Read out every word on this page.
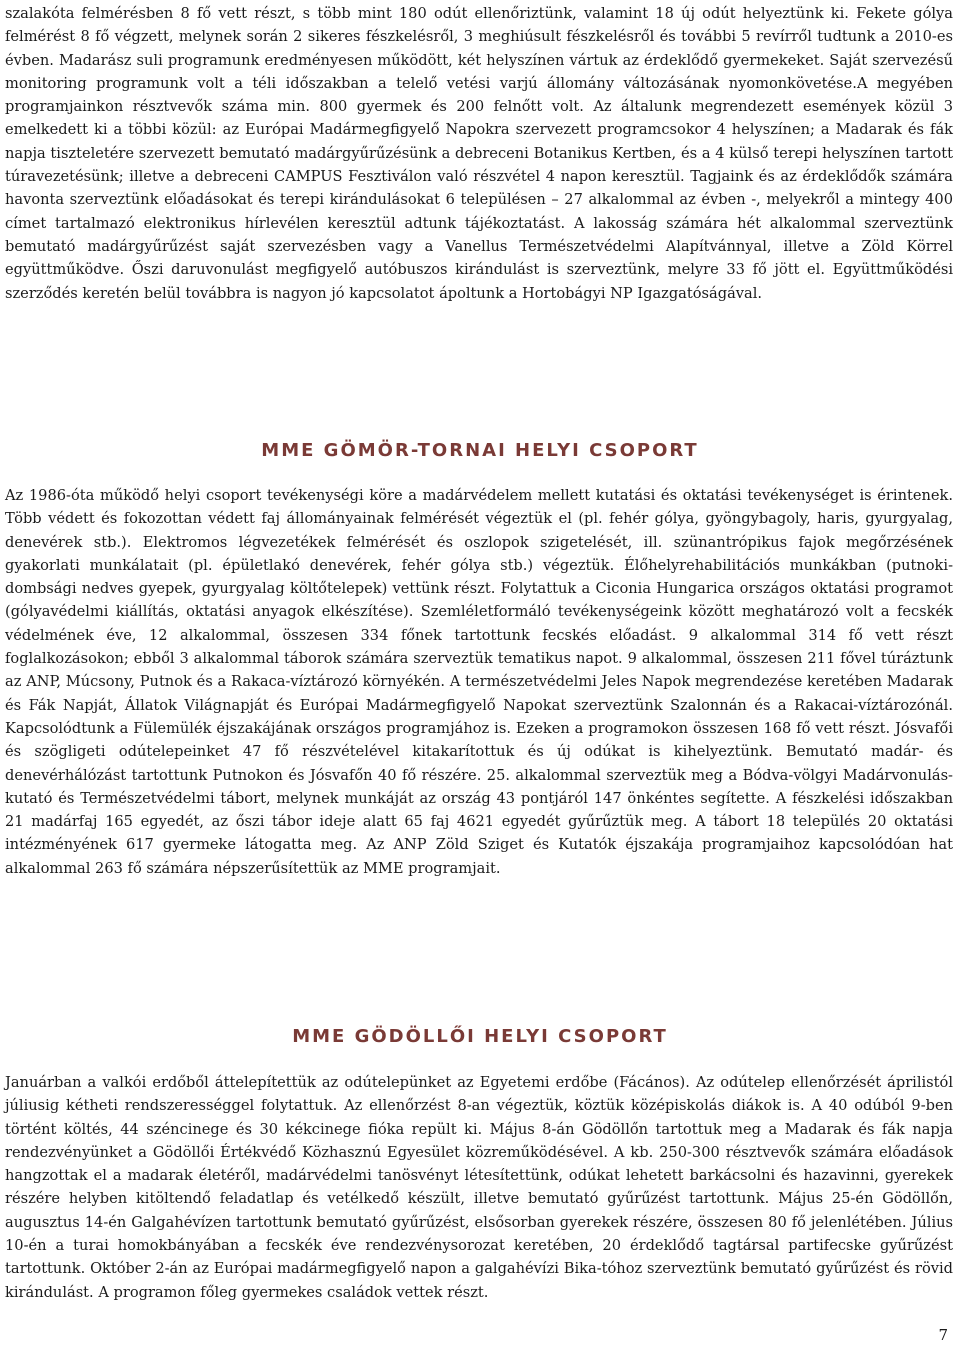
szalakóta felmérésben 8 fő vett részt, s több mint 180 odút ellenőriztünk, valamint 18 új odút helyeztünk ki. Fekete gólya felmérést 8 fő végzett, melynek során 2 sikeres fészkelésről, 3 meghiúsult fészkelésről és további 5 revírről tudtunk a 2010-es évben. Madarász suli programunk eredményesen működött, két helyszínen vártuk az érdeklődő gyermekeket. Saját szervezésű monitoring programunk volt a téli időszakban a telelő vetési varjú állomány változásának nyomonkövetése.A megyében programjainkon résztvevők száma min. 800 gyermek és 200 felnőtt volt. Az általunk megrendezett események közül 3 emelkedett ki a többi közül: az Európai Madármegfigyelő Napokra szervezett programcsokor 4 helyszínen; a Madarak és fák napja tiszteletére szervezett bemutató madárgyűrűzésünk a debreceni Botanikus Kertben, és a 4 külső terepi helyszínen tartott túravezetésünk; illetve a debreceni CAMPUS Fesztiválon való részvétel 4 napon keresztül. Tagjaink és az érdeklődők számára havonta szerveztünk előadásokat és terepi kirándulásokat 6 településen – 27 alkalommal az évben -, melyekről a mintegy 400 címet tartalmazó elektronikus hírlevélen keresztül adtunk tájékoztatást. A lakosság számára hét alkalommal szerveztünk bemutató madárgyűrűzést saját szervezésben vagy a Vanellus Természetvédelmi Alapítvánnyal, illetve a Zöld Körrel együttműködve. Őszi daruvonulást megfigyelő autóbuszos kirándulást is szerveztünk, melyre 33 fő jött el. Együttműködési szerződés keretén belül továbbra is nagyon jó kapcsolatot ápoltunk a Hortobágyi NP Igazgatóságával.

MME GÖMÖR-TORNAI HELYI CSOPORT

Az 1986-óta működő helyi csoport tevékenységi köre a madárvédelem mellett kutatási és oktatási tevékenységet is érintenek. Több védett és fokozottan védett faj állományainak felmérését végeztük el (pl. fehér gólya, gyöngybagoly, haris, gyurgyalag, denevérek stb.). Elektromos légvezetékek felmérését és oszlopok szigetelését, ill. szünantrópikus fajok megőrzésének gyakorlati munkálatait (pl. épületlakó denevérek, fehér gólya stb.) végeztük. Élőhelyrehabilitációs munkákban (putnoki-dombsági nedves gyepek, gyurgyalag költőtelepek) vettünk részt. Folytattuk a Ciconia Hungarica országos oktatási programot (gólyavédelmi kiállítás, oktatási anyagok elkészítése). Szemléletformáló tevékenységeink között meghatározó volt a fecskék védelmének éve, 12 alkalommal, összesen 334 főnek tartottunk fecskés előadást. 9 alkalommal 314 fő vett részt foglalkozásokon; ebből 3 alkalommal táborok számára szerveztük tematikus napot. 9 alkalommal, összesen 211 fővel túráztunk az ANP, Múcsony, Putnok és a Rakaca-víztározó környékén. A természetvédelmi Jeles Napok megrendezése keretében Madarak és Fák Napját, Állatok Világnapját és Európai Madármegfigyelő Napokat szerveztünk Szalonnán és a Rakacai-víztározónál. Kapcsolódtunk a Fülemülék éjszakájának országos programjához is. Ezeken a programokon összesen 168 fő vett részt. Jósvafői és szögligeti odútelepeinket 47 fő részvételével kitakarítottuk és új odúkat is kihelyeztünk. Bemutató madár- és denevérhálózást tartottunk Putnokon és Jósvafőn 40 fő részére. 25. alkalommal szerveztük meg a Bódva-völgyi Madárvonulás-kutató és Természetvédelmi tábort, melynek munkáját az ország 43 pontjáról 147 önkéntes segítette. A fészkelési időszakban 21 madárfaj 165 egyedét, az őszi tábor ideje alatt 65 faj 4621 egyedét gyűrűztük meg. A tábort 18 település 20 oktatási intézményének 617 gyermeke látogatta meg. Az ANP Zöld Sziget és Kutatók éjszakája programjaihoz kapcsolódóan hat alkalommal 263 fő számára népszerűsítettük az MME programjait.

MME GÖDÖLLŐI HELYI CSOPORT

Januárban a valkói erdőből áttelepítettük az odútelepünket az Egyetemi erdőbe (Fácános). Az odútelep ellenőrzését áprilistól júliusig kétheti rendszerességgel folytattuk. Az ellenőrzést 8-an végeztük, köztük középiskolás diákok is. A 40 odúból 9-ben történt költés, 44 széncinege és 30 kékcinege fióka repült ki. Május 8-án Gödöllőn tartottuk meg a Madarak és fák napja rendezvényünket a Gödöllői Értékvédő Közhasznú Egyesület közreműködésével. A kb. 250-300 résztvevők számára előadások hangzottak el a madarak életéről, madárvédelmi tanösvényt létesítettünk, odúkat lehetett barkácsolni és hazavinni, gyerekek részére helyben kitöltendő feladatlap és vetélkedő készült, illetve bemutató gyűrűzést tartottunk. Május 25-én Gödöllőn, augusztus 14-én Galgahévízen tartottunk bemutató gyűrűzést, elsősorban gyerekek részére, összesen 80 fő jelenlétében. Július 10-én a turai homokbányában a fecskék éve rendezvénysorozat keretében, 20 érdeklődő tagtársal partifecske gyűrűzést tartottunk. Október 2-án az Európai madármegfigyelő napon a galgahévízi Bika-tóhoz szerveztünk bemutató gyűrűzést és rövid kirándulást. A programon főleg gyermekes családok vettek részt.

7
